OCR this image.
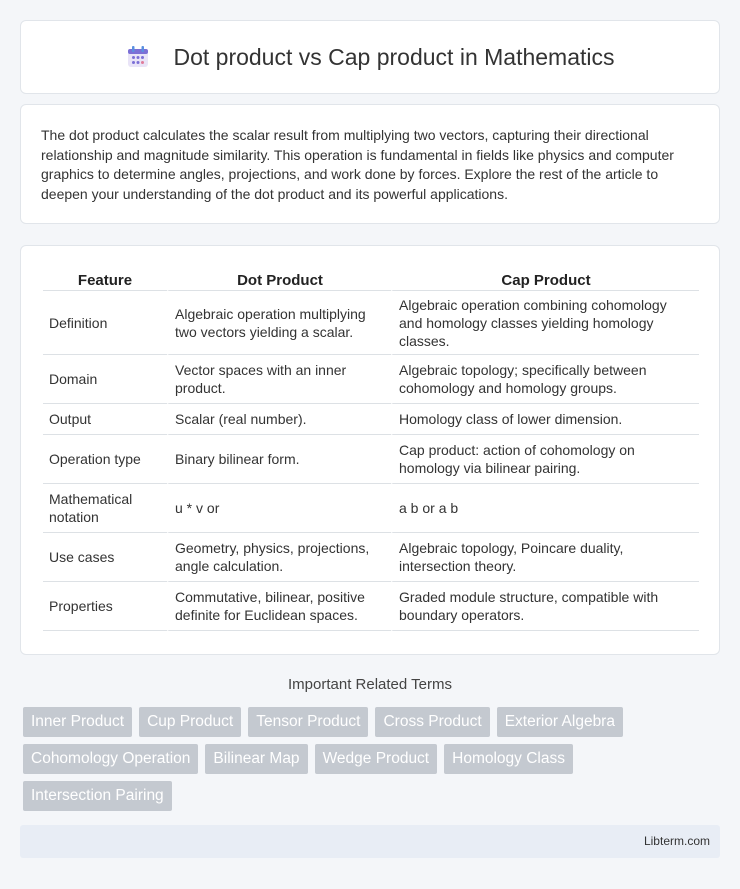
Dot product vs Cap product in Mathematics

The dot product calculates the scalar result from multiplying two vectors, capturing their directional relationship and magnitude similarity. This operation is fundamental in fields like physics and computer graphics to determine angles, projections, and work done by forces. Explore the rest of the article to deepen your understanding of the dot product and its powerful applications.

Feature	Dot Product	Cap Product
Definition	Algebraic operation multiplying two vectors yielding a scalar.	Algebraic operation combining cohomology and homology classes yielding homology classes.
Domain	Vector spaces with an inner product.	Algebraic topology; specifically between cohomology and homology groups.
Output	Scalar (real number).	Homology class of lower dimension.
Operation type	Binary bilinear form.	Cap product: action of cohomology on homology via bilinear pairing.
Mathematical notation	u * v or	a b or a b
Use cases	Geometry, physics, projections, angle calculation.	Algebraic topology, Poincare duality, intersection theory.
Properties	Commutative, bilinear, positive definite for Euclidean spaces.	Graded module structure, compatible with boundary operators.
Important Related Terms
Inner Product	Cup Product	Tensor Product	Cross Product	Exterior Algebra
Cohomology Operation	Bilinear Map	Wedge Product	Homology Class
Intersection Pairing
Libterm.com
